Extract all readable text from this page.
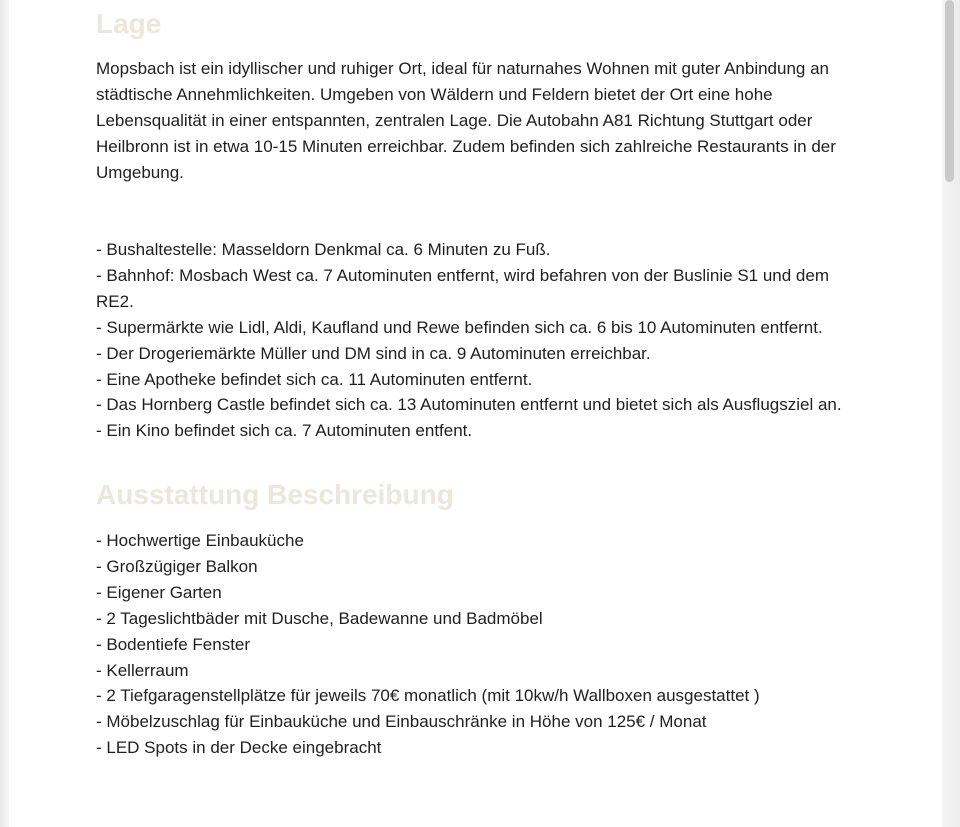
Lage

Mopsbach ist ein idyllischer und ruhiger Ort, ideal für naturnahes Wohnen mit guter Anbindung an städtische Annehmlichkeiten. Umgeben von Wäldern und Feldern bietet der Ort eine hohe Lebensqualität in einer entspannten, zentralen Lage. Die Autobahn A81 Richtung Stuttgart oder Heilbronn ist in etwa 10-15 Minuten erreichbar. Zudem befinden sich zahlreiche Restaurants in der Umgebung.

- Bushaltestelle: Masseldorn Denkmal ca. 6 Minuten zu Fuß.
- Bahnhof: Mosbach West ca. 7 Autominuten entfernt, wird befahren von der Buslinie S1 und dem RE2.
- Supermärkte wie Lidl, Aldi, Kaufland und Rewe befinden sich ca. 6 bis 10 Autominuten entfernt.
- Der Drogeriemärkte Müller und DM sind in ca. 9 Autominuten erreichbar.
- Eine Apotheke befindet sich ca. 11 Autominuten entfernt.
- Das Hornberg Castle befindet sich ca. 13 Autominuten entfernt und bietet sich als Ausflugsziel an.
- Ein Kino befindet sich ca. 7 Autominuten entfent.
Ausstattung Beschreibung
- Hochwertige Einbauküche
- Großzügiger Balkon
- Eigener Garten
- 2 Tageslichtbäder mit Dusche, Badewanne und Badmöbel
- Bodentiefe Fenster
- Kellerraum
- 2 Tiefgaragenstellplätze für jeweils 70€ monatlich (mit 10kw/h Wallboxen ausgestattet )
- Möbelzuschlag für Einbauküche und Einbauschränke in Höhe von 125€ / Monat
- LED Spots in der Decke eingebracht
